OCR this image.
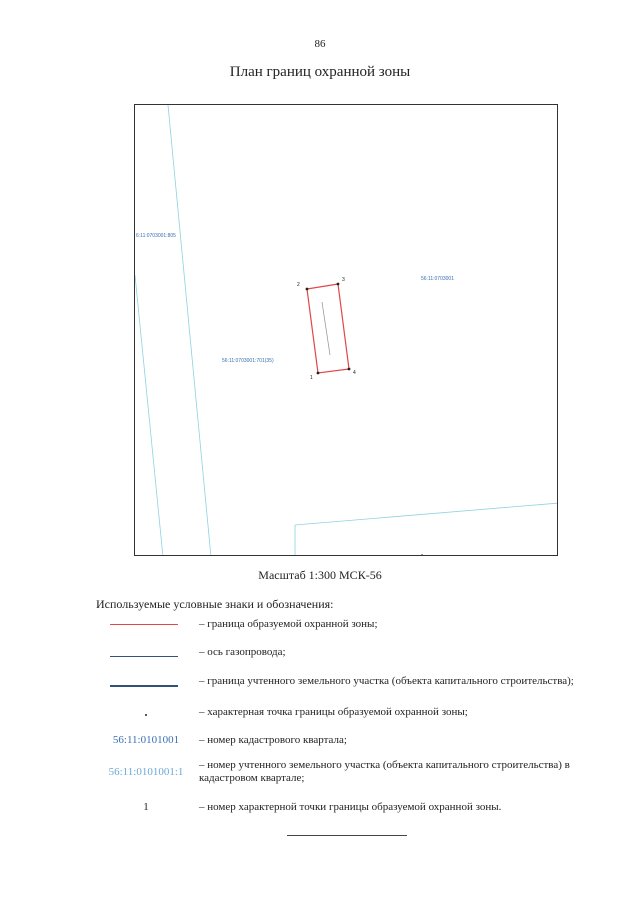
86
План границ охранной зоны
6:11:0703001:805
56:11:0703001
56:11:0703001:701(35)
1
2
3
4
Масштаб 1:300 МСК-56
Используемые условные знаки и обозначения:
– граница образуемой охранной зоны;
– ось газопровода;
– граница учтенного земельного участка (объекта капитального строительства);
– характерная точка границы образуемой охранной зоны;
56:11:0101001	– номер кадастрового квартала;
56:11:0101001:1
– номер учтенного земельного участка (объекта капитального строительства) в кадастровом квартале;
1	– номер характерной точки границы образуемой охранной зоны.
